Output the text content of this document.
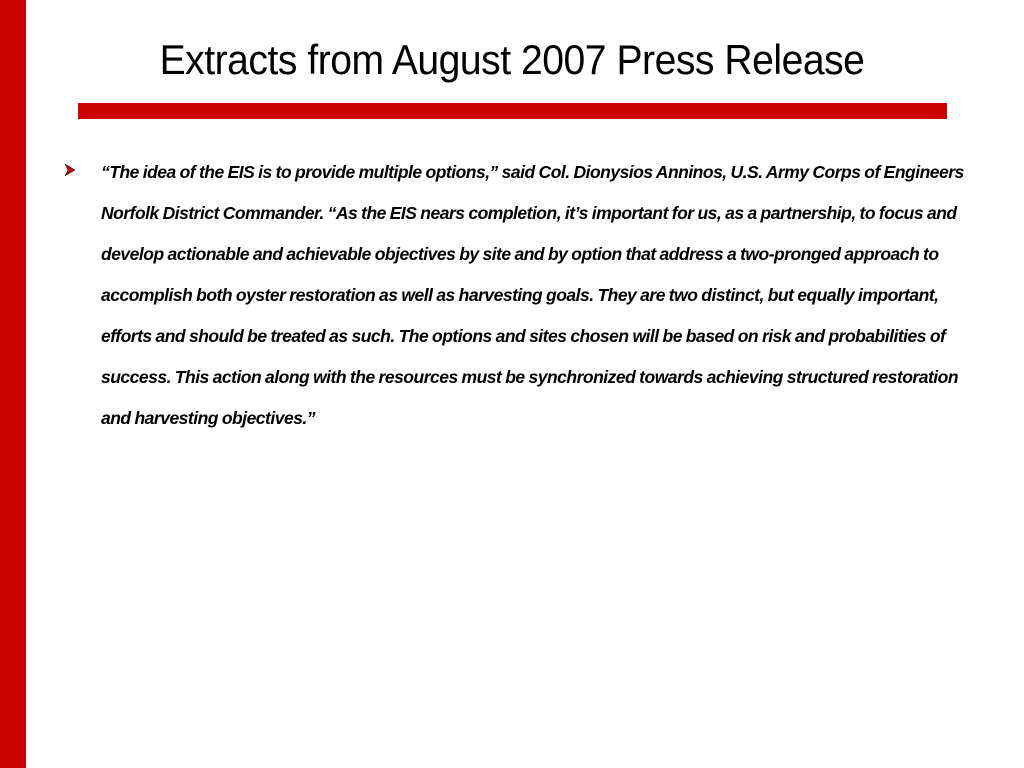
Extracts from August 2007 Press Release

“The idea of the EIS is to provide multiple options,” said Col. Dionysios Anninos, U.S. Army Corps of Engineers Norfolk District Commander. “As the EIS nears completion, it’s important for us, as a partnership, to focus and develop actionable and achievable objectives by site and by option that address a two-pronged approach to accomplish both oyster restoration as well as harvesting goals. They are two distinct, but equally important, efforts and should be treated as such. The options and sites chosen will be based on risk and probabilities of success. This action along with the resources must be synchronized towards achieving structured restoration and harvesting objectives.”
